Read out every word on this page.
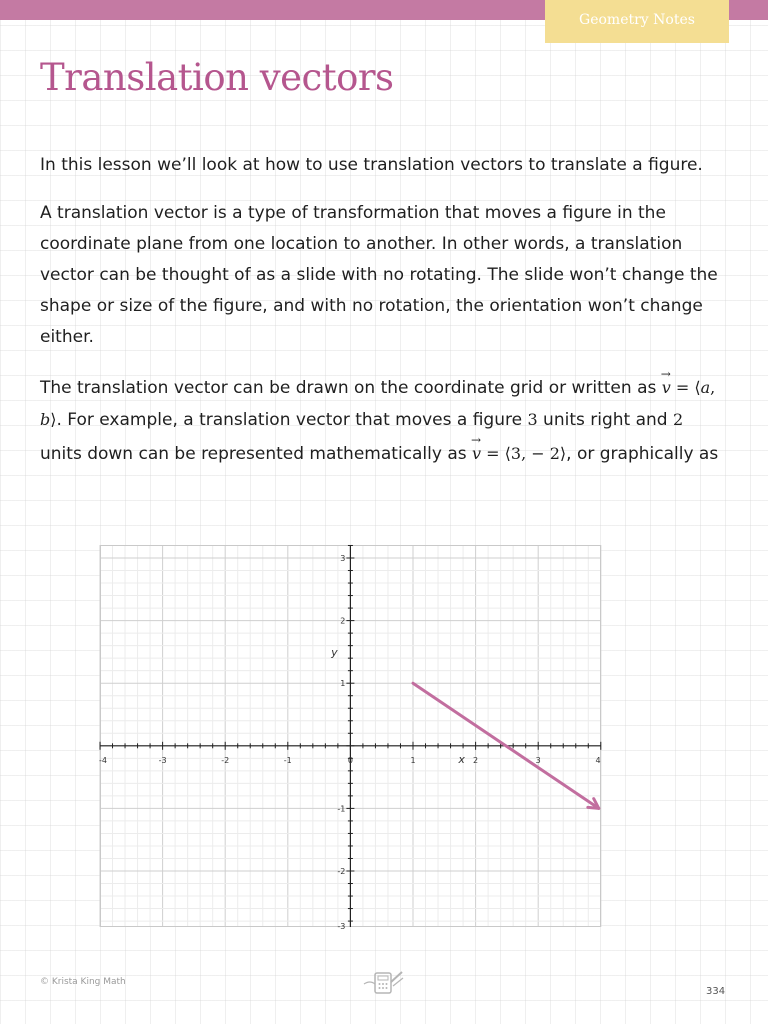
Geometry Notes
Translation vectors

In this lesson we’ll look at how to use translation vectors to translate a figure.

A translation vector is a type of transformation that moves a figure in the coordinate plane from one location to another. In other words, a translation vector can be thought of as a slide with no rotating. The slide won’t change the shape or size of the figure, and with no rotation, the orientation won’t change either.

The translation vector can be drawn on the coordinate grid or written as → v = ⟨a, b⟩. For example, a translation vector that moves a figure 3 units right and 2 units down can be represented mathematically as → v = ⟨3, − 2⟩, or graphically as

-4	-3	-2	-1	0	1	2	3	4
3
2
1
-1
-2
-3
x
y
© Krista King Math
334
